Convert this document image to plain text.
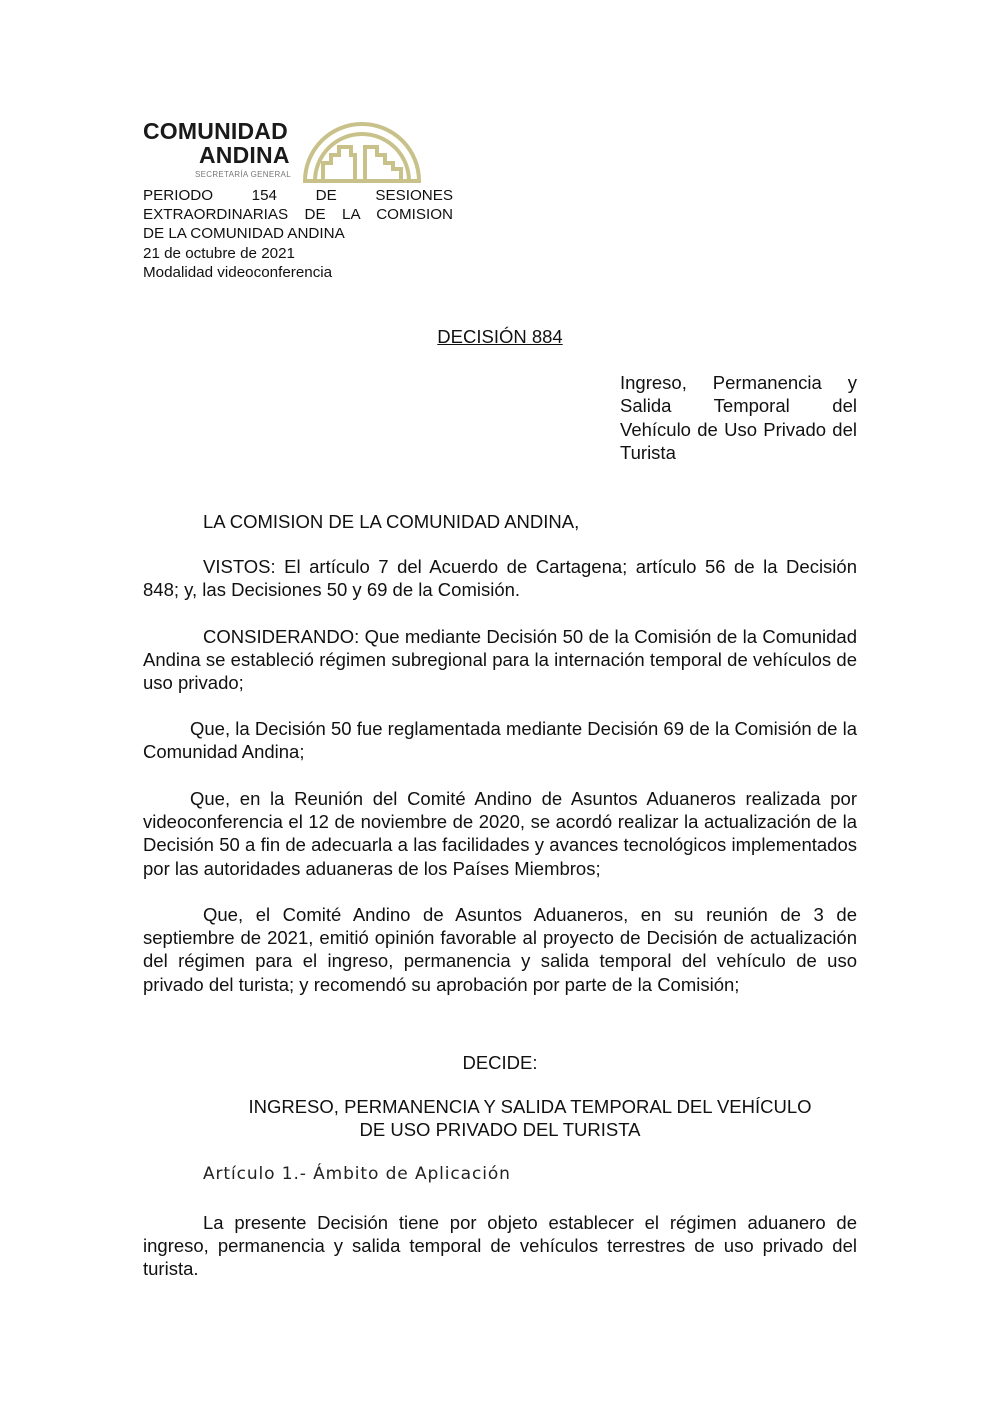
COMUNIDAD
ANDINA
SECRETARÍA GENERAL
PERIODO 154 DE SESIONES
EXTRAORDINARIAS DE LA COMISION
DE LA COMUNIDAD ANDINA
21 de octubre de 2021
Modalidad videoconferencia
DECISIÓN 884
Ingreso, Permanencia y Salida Temporal del Vehículo de Uso Privado del Turista
LA COMISION DE LA COMUNIDAD ANDINA,
VISTOS: El artículo 7 del Acuerdo de Cartagena; artículo 56 de la Decisión 848; y, las Decisiones 50 y 69 de la Comisión.
CONSIDERANDO: Que mediante Decisión 50 de la Comisión de la Comunidad Andina se estableció régimen subregional para la internación temporal de vehículos de uso privado;
Que, la Decisión 50 fue reglamentada mediante Decisión 69 de la Comisión de la Comunidad Andina;
Que, en la Reunión del Comité Andino de Asuntos Aduaneros realizada por videoconferencia el 12 de noviembre de 2020, se acordó realizar la actualización de la Decisión 50 a fin de adecuarla a las facilidades y avances tecnológicos implementados por las autoridades aduaneras de los Países Miembros;
Que, el Comité Andino de Asuntos Aduaneros, en su reunión de 3 de septiembre de 2021, emitió opinión favorable al proyecto de Decisión de actualización del régimen para el ingreso, permanencia y salida temporal del vehículo de uso privado del turista; y recomendó su aprobación por parte de la Comisión;
DECIDE:
INGRESO, PERMANENCIA Y SALIDA TEMPORAL DEL VEHÍCULO
DE USO PRIVADO DEL TURISTA
Artículo 1.- Ámbito de Aplicación
La presente Decisión tiene por objeto establecer el régimen aduanero de ingreso, permanencia y salida temporal de vehículos terrestres de uso privado del turista.
